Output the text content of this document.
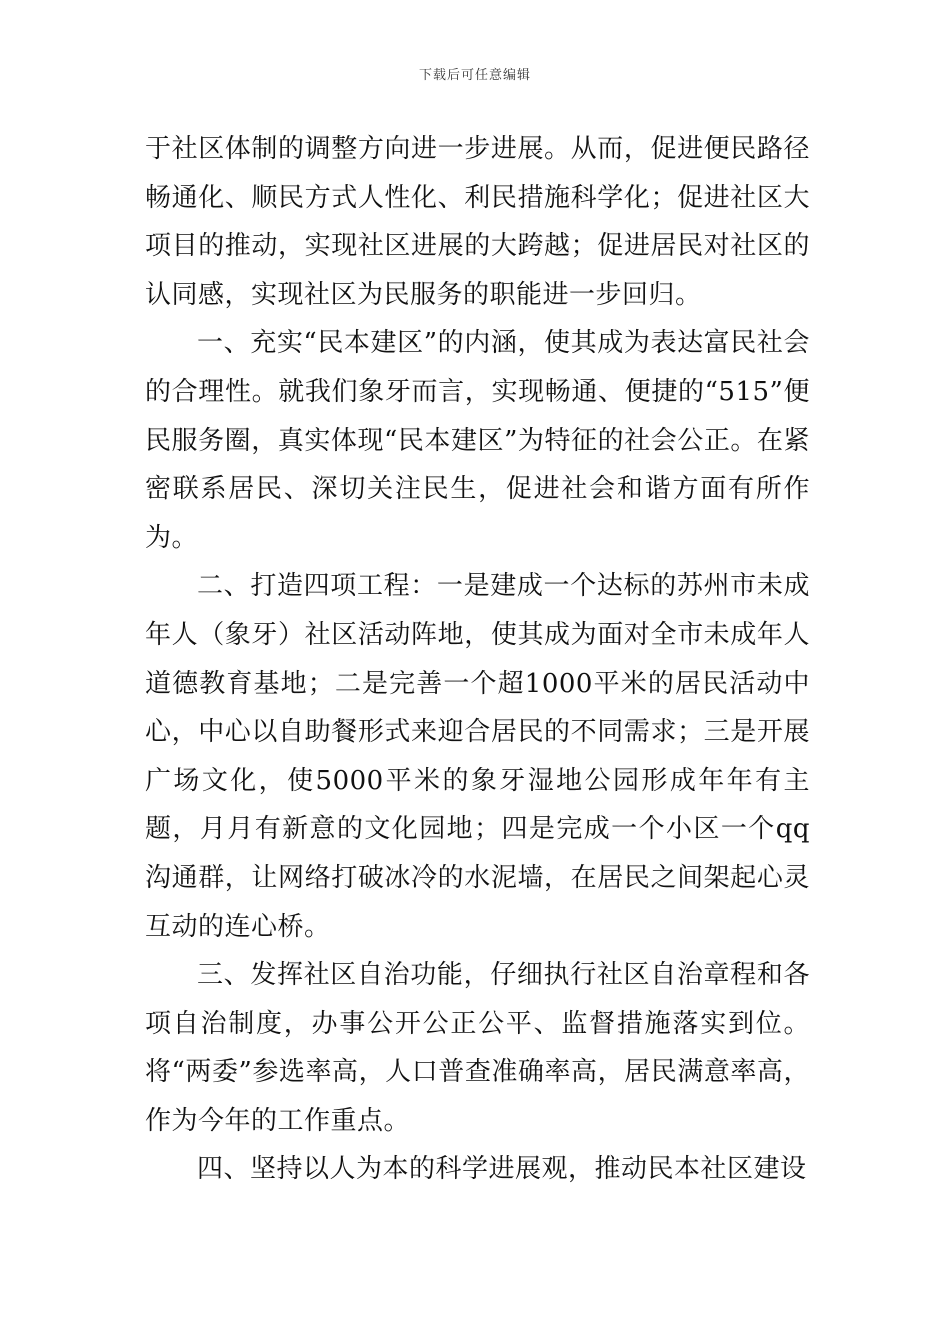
下载后可任意编辑

于社区体制的调整方向进一步进展。从而，促进便民路径畅通化、顺民方式人性化、利民措施科学化；促进社区大项目的推动，实现社区进展的大跨越；促进居民对社区的认同感，实现社区为民服务的职能进一步回归。

一、充实“民本建区”的内涵，使其成为表达富民社会的合理性。就我们象牙而言，实现畅通、便捷的“515”便民服务圈，真实体现“民本建区”为特征的社会公正。在紧密联系居民、深切关注民生，促进社会和谐方面有所作为。

二、打造四项工程：一是建成一个达标的苏州市未成年人（象牙）社区活动阵地，使其成为面对全市未成年人道德教育基地；二是完善一个超1000平米的居民活动中心，中心以自助餐形式来迎合居民的不同需求；三是开展广场文化，使5000平米的象牙湿地公园形成年年有主题，月月有新意的文化园地；四是完成一个小区一个qq沟通群，让网络打破冰冷的水泥墙，在居民之间架起心灵互动的连心桥。

三、发挥社区自治功能，仔细执行社区自治章程和各项自治制度，办事公开公正公平、监督措施落实到位。将“两委”参选率高，人口普查准确率高，居民满意率高，作为今年的工作重点。

四、坚持以人为本的科学进展观，推动民本社区建设
